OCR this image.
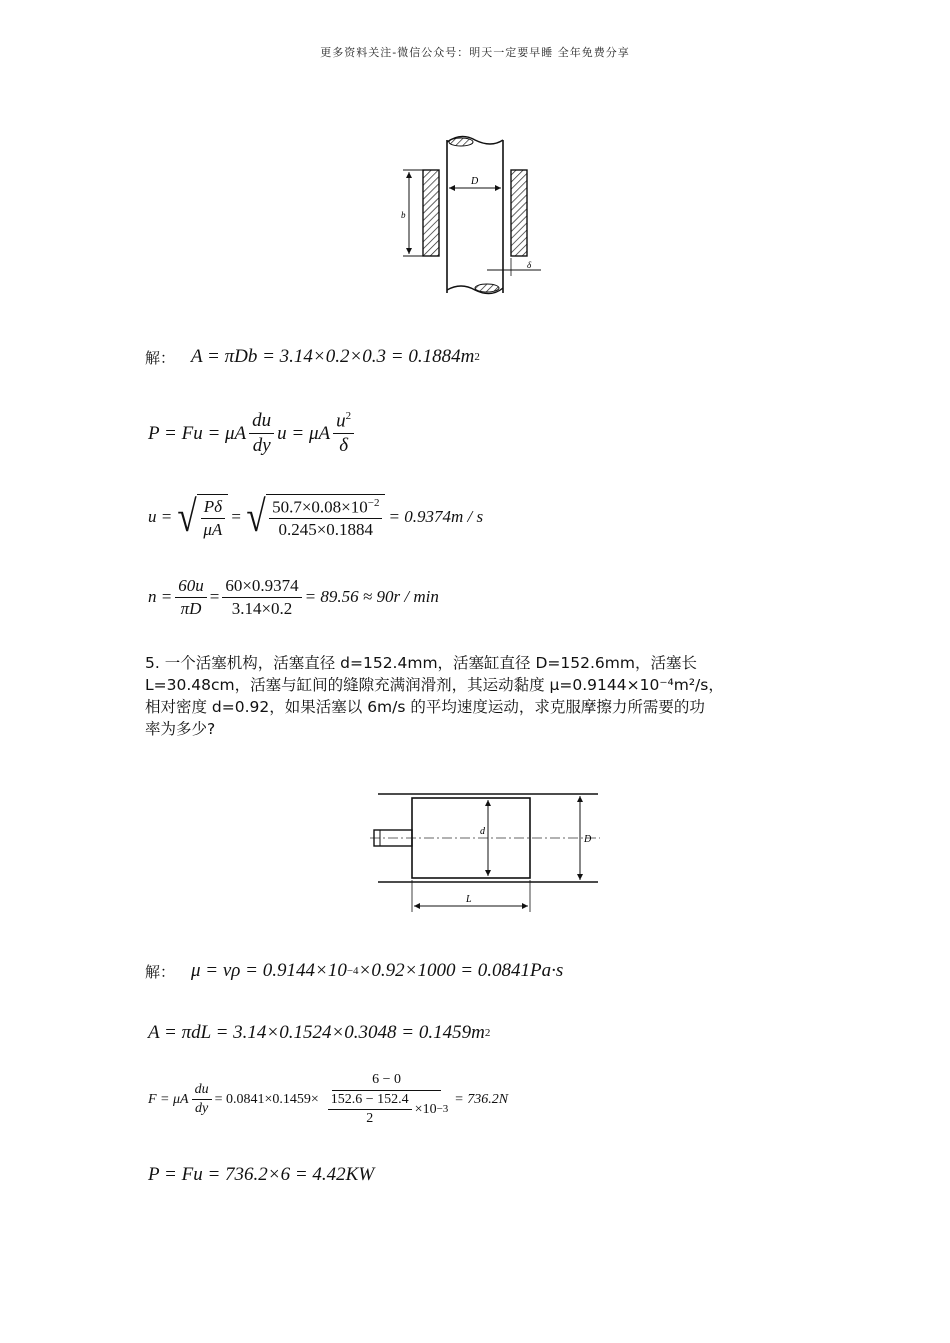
更多资料关注-微信公众号：明天一定要早睡 全年免费分享
b
D
δ
解： A = πDb = 3.14×0.2×0.3 = 0.1884 m 2
P = Fu = μA $\frac{du}{dy}$ u = μA $\frac{u^2}{\delta}$
u = √ $\frac{P\delta}{\mu A}$ = √ $\frac{50.7\times 0.08\times 10^{-2}}{0.245\times 0.1884} = 0.9374m / s$
$n = \frac{60u}{\pi D} = \frac{60\times 0.9374}{3.14\times 0.2} = 89.56 \approx 90r / \min$

5. 一个活塞机构，活塞直径 d=152.4mm，活塞缸直径 D=152.6mm，活塞长

L=30.48cm，活塞与缸间的缝隙充满润滑剂，其运动黏度 μ=0.9144×10⁻⁴m²/s，

相对密度 d=0.92，如果活塞以 6m/s 的平均速度运动，求克服摩擦力所需要的功

率为多少?

d
D
L
解： μ = νρ = 0.9144×10 −4 ×0.92×1000 = 0.0841Pa·s
A = πdL = 3.14×0.1524×0.3048 = 0.1459 m 2
F = μA $\frac{du}{dy} = 0.0841\times 0.1459\times \frac{6 - 0}{\frac{152.6 - 152.4}{2} \times 10 -3} = 736.2N$
P = Fu = 736.2×6 = 4.42KW
